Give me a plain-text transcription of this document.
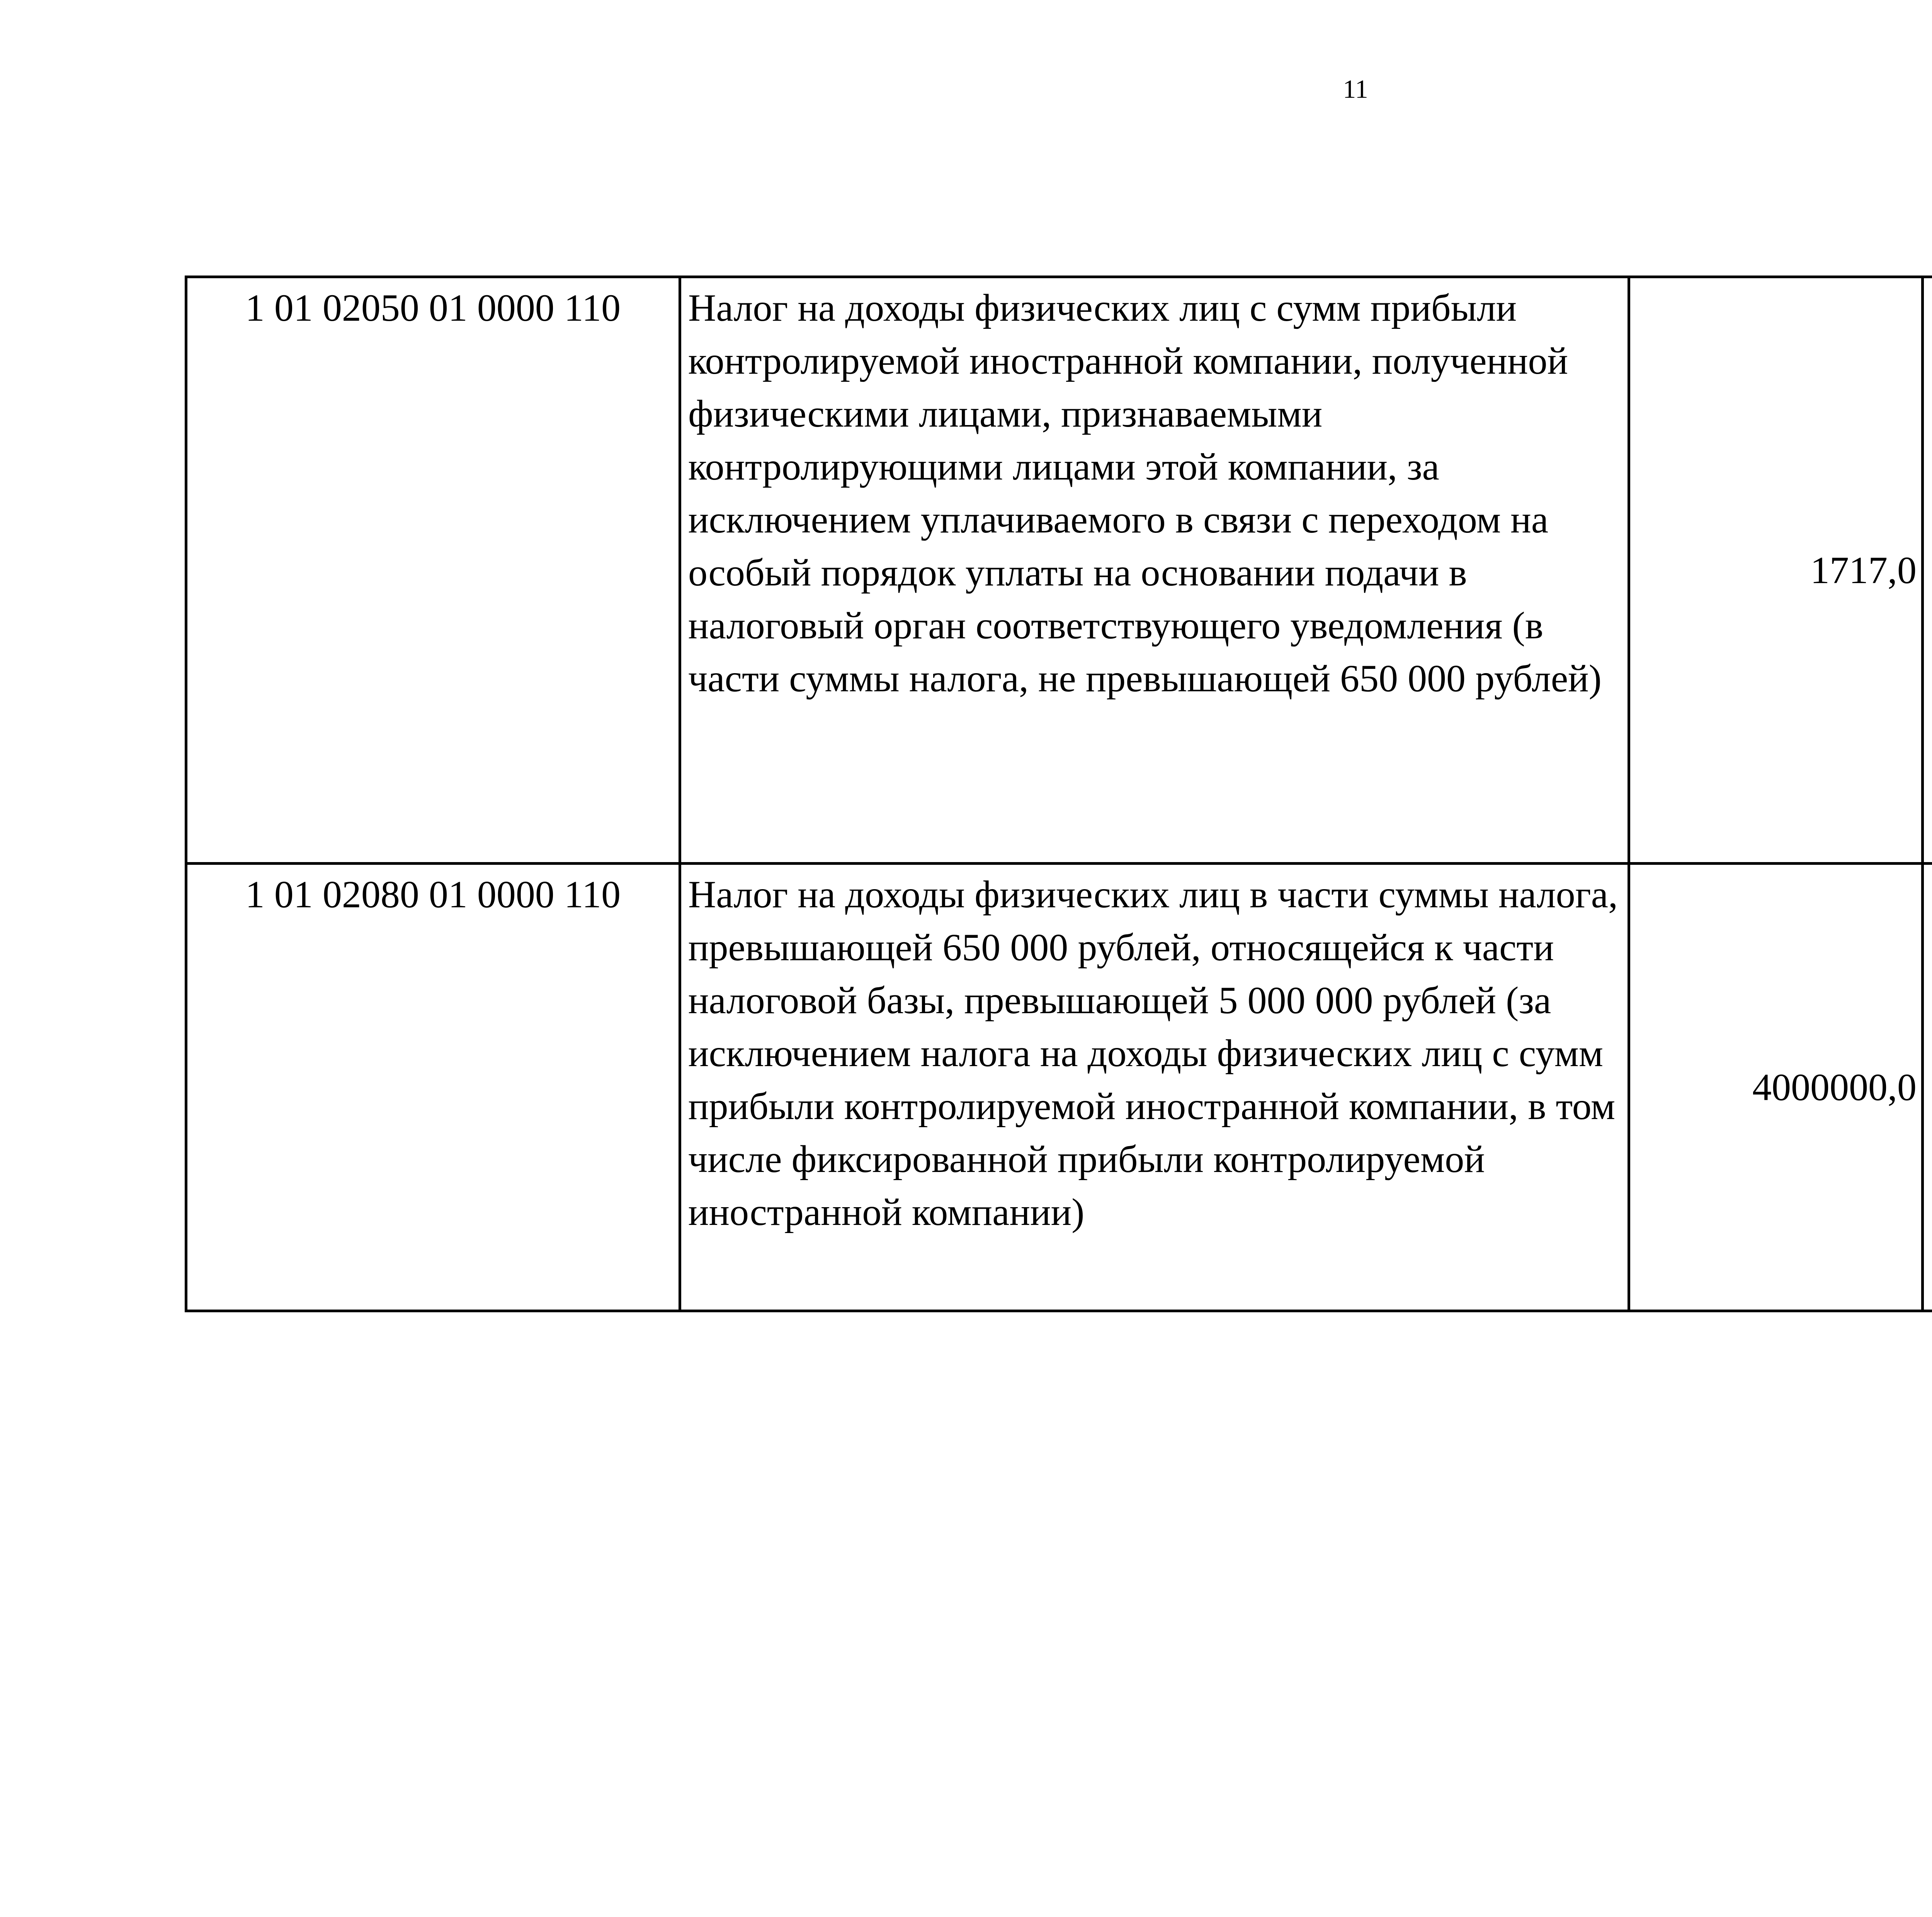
11
1 01 02050 01 0000 110	Налог на доходы физических лиц с сумм прибыли контролируемой иностранной компании, полученной физическими лицами, признаваемыми контролирующими лицами этой компании, за исключением уплачиваемого в связи с переходом на особый порядок уплаты на основании подачи в налоговый орган соответствующего уведомления (в части суммы налога, не превышающей 650 000 рублей)	1717,0		
1 01 02080 01 0000 110	Налог на доходы физических лиц в части суммы налога, превышающей 650 000 рублей, относящейся к части налоговой базы, превышающей 5 000 000 рублей (за исключением налога на доходы физических лиц с сумм прибыли контролируемой иностранной компании, в том числе фиксированной прибыли контролируемой иностранной компании)	4000000,0		
